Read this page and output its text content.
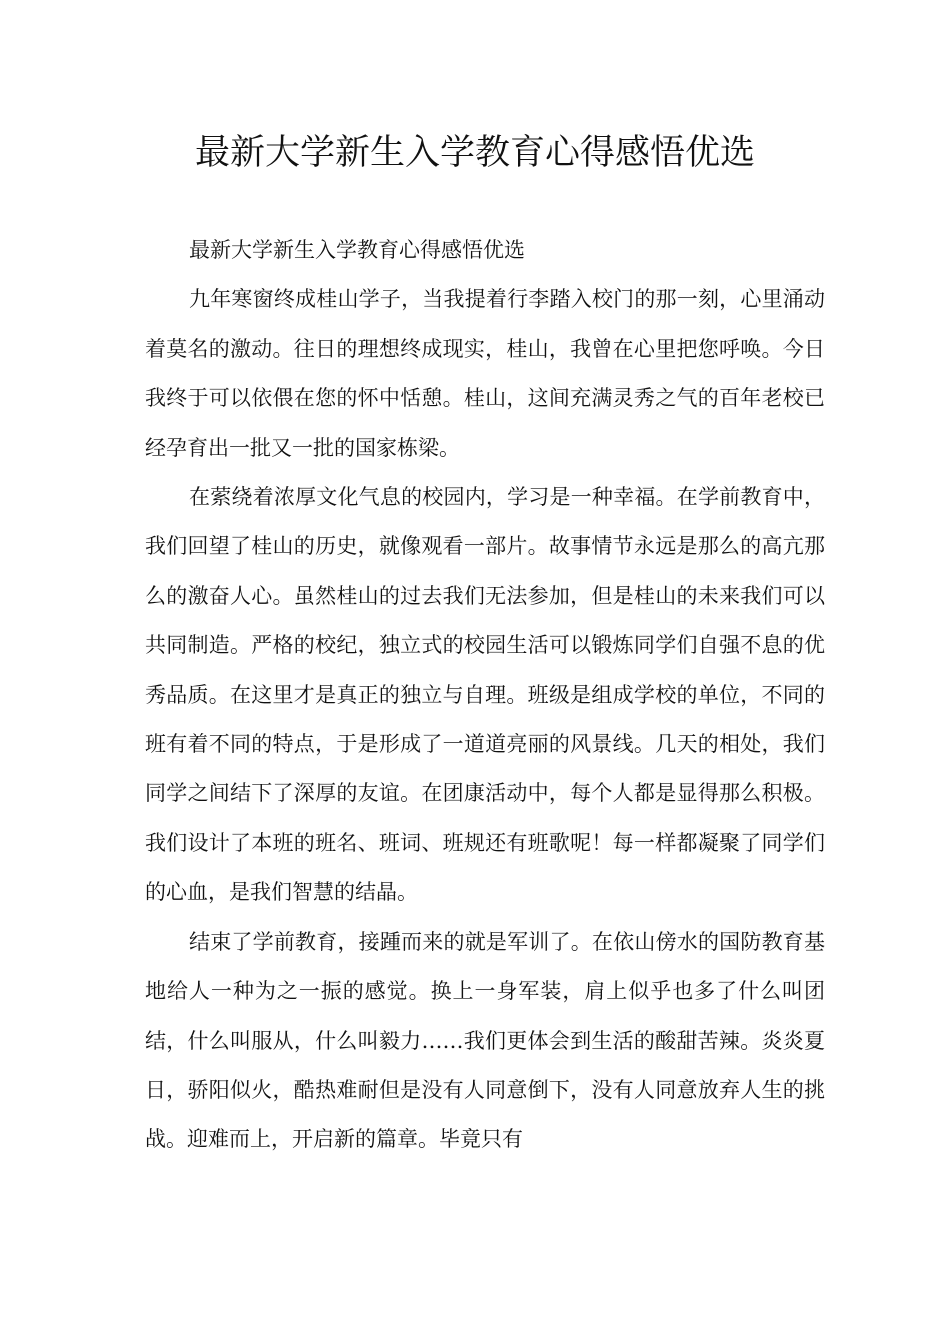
最新大学新生入学教育心得感悟优选

最新大学新生入学教育心得感悟优选

九年寒窗终成桂山学子，当我提着行李踏入校门的那一刻，心里涌动着莫名的激动。往日的理想终成现实，桂山，我曾在心里把您呼唤。今日我终于可以依偎在您的怀中恬憩。桂山，这间充满灵秀之气的百年老校已经孕育出一批又一批的国家栋梁。

在萦绕着浓厚文化气息的校园内，学习是一种幸福。在学前教育中，我们回望了桂山的历史，就像观看一部片。故事情节永远是那么的高亢那么的激奋人心。虽然桂山的过去我们无法参加，但是桂山的未来我们可以共同制造。严格的校纪，独立式的校园生活可以锻炼同学们自强不息的优秀品质。在这里才是真正的独立与自理。班级是组成学校的单位，不同的班有着不同的特点，于是形成了一道道亮丽的风景线。几天的相处，我们同学之间结下了深厚的友谊。在团康活动中，每个人都是显得那么积极。我们设计了本班的班名、班词、班规还有班歌呢！每一样都凝聚了同学们的心血，是我们智慧的结晶。

结束了学前教育，接踵而来的就是军训了。在依山傍水的国防教育基地给人一种为之一振的感觉。换上一身军装，肩上似乎也多了什么叫团结，什么叫服从，什么叫毅力……我们更体会到生活的酸甜苦辣。炎炎夏日，骄阳似火，酷热难耐但是没有人同意倒下，没有人同意放弃人生的挑战。迎难而上，开启新的篇章。毕竟只有
